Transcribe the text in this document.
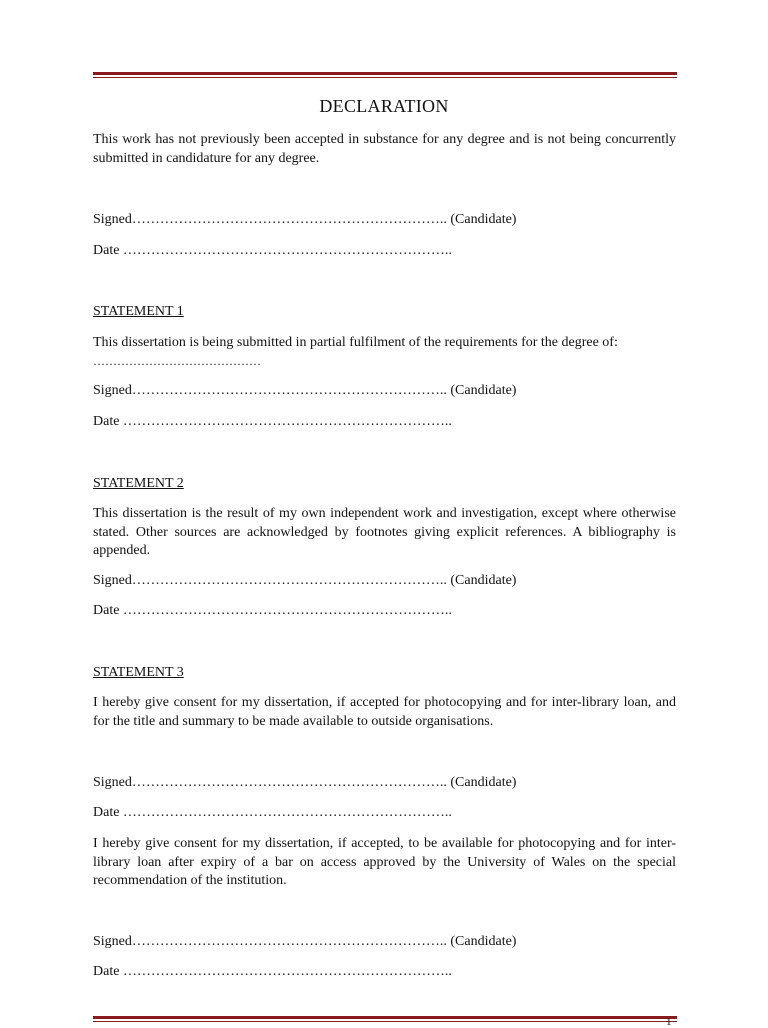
DECLARATION
This work has not previously been accepted in substance for any degree and is not being concurrently submitted in candidature for any degree.
Signed………………………………………………………….. (Candidate)
Date ……………………………………………………………..
STATEMENT 1
This dissertation is being submitted in partial fulfilment of the requirements for the degree of:
……………………………………
Signed………………………………………………………….. (Candidate)
Date ……………………………………………………………..
STATEMENT 2
This dissertation is the result of my own independent work and investigation, except where otherwise stated. Other sources are acknowledged by footnotes giving explicit references. A bibliography is appended.
Signed………………………………………………………….. (Candidate)
Date ……………………………………………………………..
STATEMENT 3
I hereby give consent for my dissertation, if accepted for photocopying and for inter-library loan, and for the title and summary to be made available to outside organisations.
Signed………………………………………………………….. (Candidate)
Date ……………………………………………………………..
I hereby give consent for my dissertation, if accepted, to be available for photocopying and for inter-library loan after expiry of a bar on access approved by the University of Wales on the special recommendation of the institution.
Signed………………………………………………………….. (Candidate)
Date ……………………………………………………………..
1
